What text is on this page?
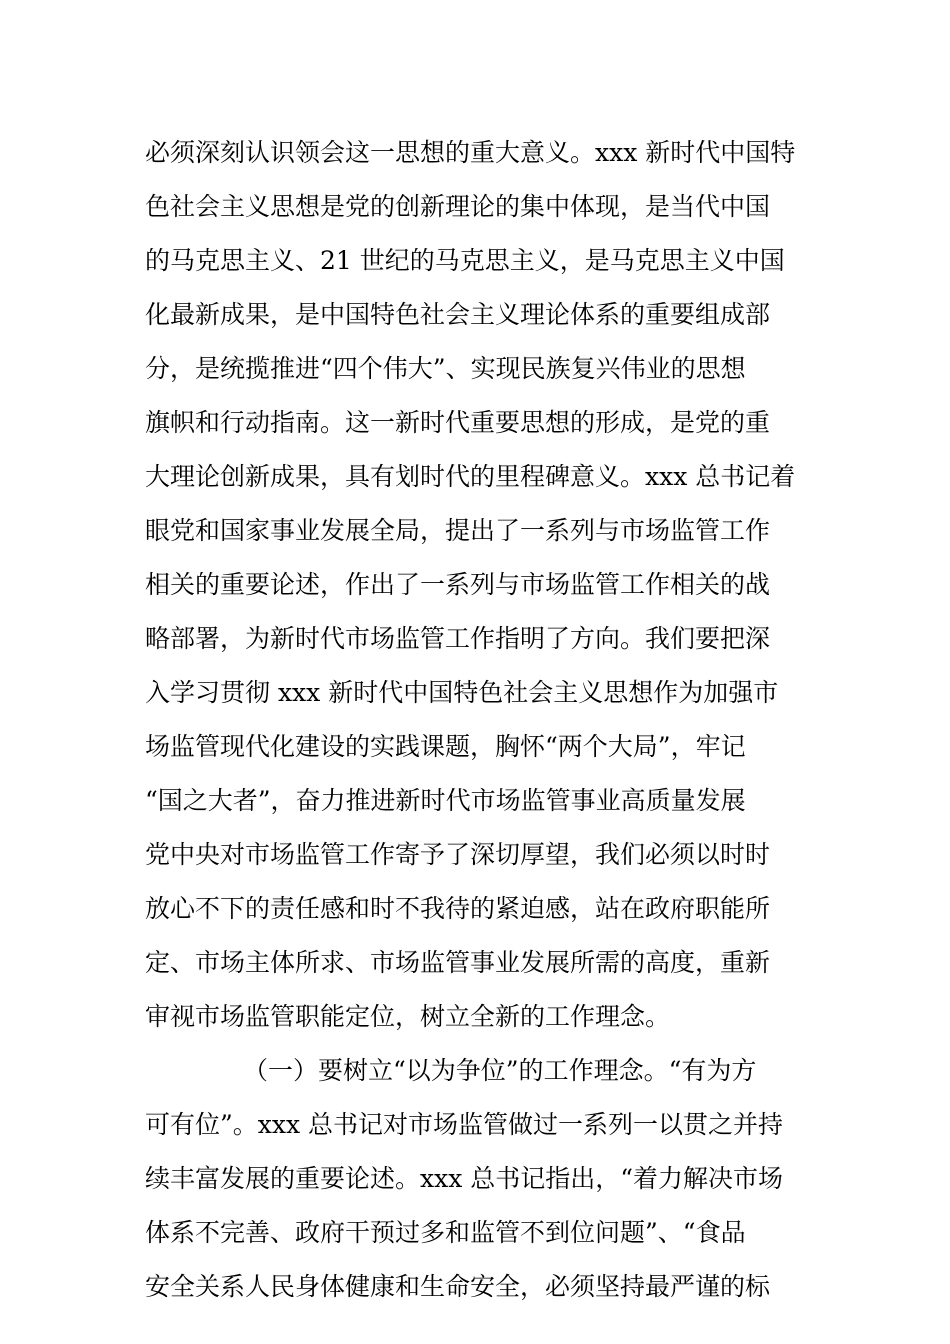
必须深刻认识领会这一思想的重大意义。xxx 新时代中国特
色社会主义思想是党的创新理论的集中体现，是当代中国
的马克思主义、21 世纪的马克思主义，是马克思主义中国
化最新成果，是中国特色社会主义理论体系的重要组成部
分，是统揽推进“四个伟大”、实现民族复兴伟业的思想
旗帜和行动指南。这一新时代重要思想的形成，是党的重
大理论创新成果，具有划时代的里程碑意义。xxx 总书记着
眼党和国家事业发展全局，提出了一系列与市场监管工作
相关的重要论述，作出了一系列与市场监管工作相关的战
略部署，为新时代市场监管工作指明了方向。我们要把深
入学习贯彻 xxx 新时代中国特色社会主义思想作为加强市
场监管现代化建设的实践课题，胸怀“两个大局”，牢记
“国之大者”，奋力推进新时代市场监管事业高质量发展
党中央对市场监管工作寄予了深切厚望，我们必须以时时
放心不下的责任感和时不我待的紧迫感，站在政府职能所
定、市场主体所求、市场监管事业发展所需的高度，重新
审视市场监管职能定位，树立全新的工作理念。
（一）要树立“以为争位”的工作理念。“有为方
可有位”。xxx 总书记对市场监管做过一系列一以贯之并持
续丰富发展的重要论述。xxx 总书记指出，“着力解决市场
体系不完善、政府干预过多和监管不到位问题”、“食品
安全关系人民身体健康和生命安全，必须坚持最严谨的标
